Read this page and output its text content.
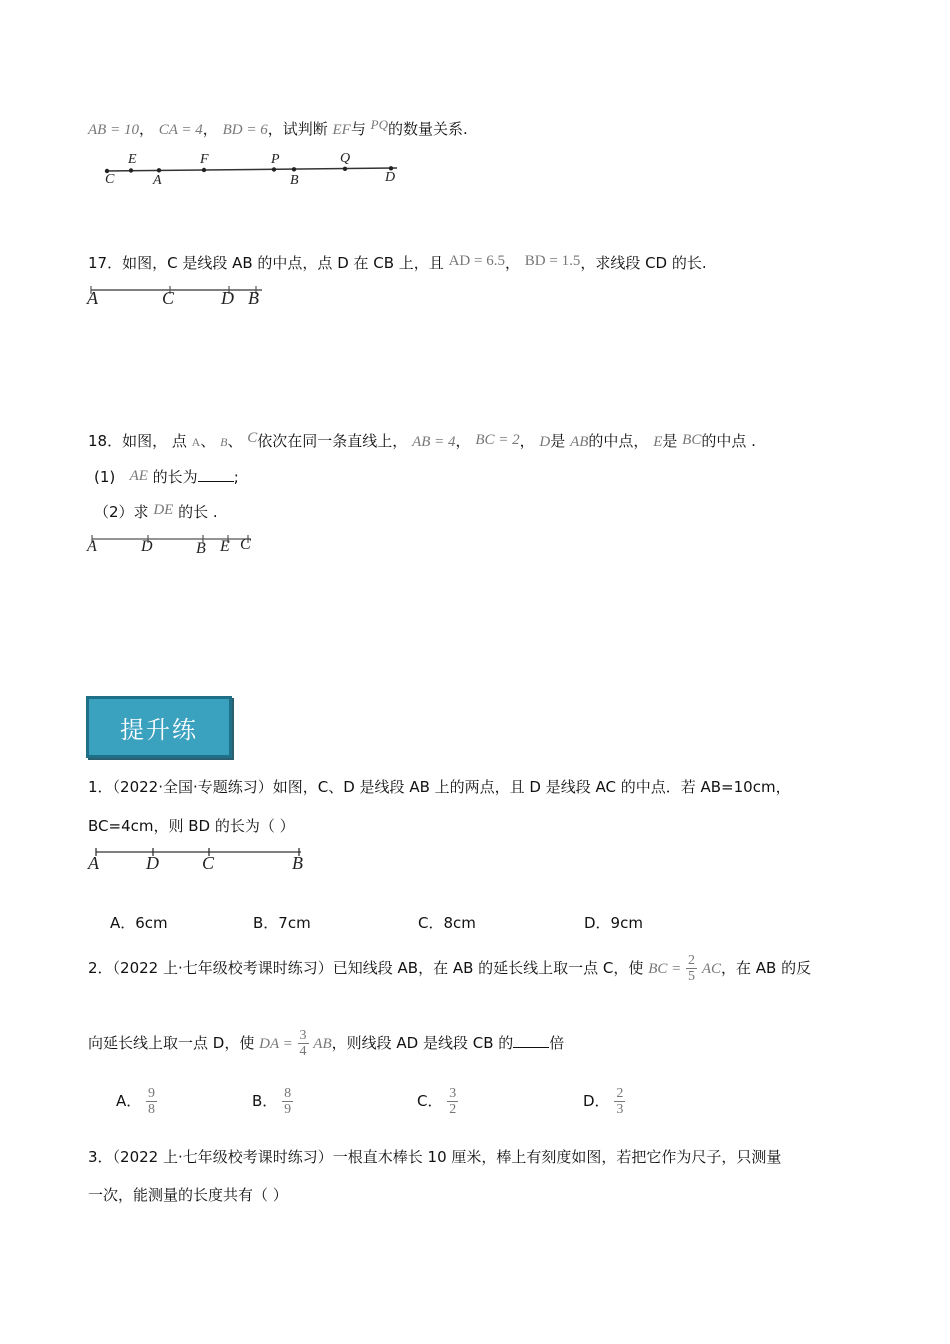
AB = 10， CA = 4， BD = 6，试判断 EF与 PQ的数量关系.
C
E
A
F	P
B
Q
D
17．如图，C 是线段 AB 的中点，点 D 在 CB 上，且 AD = 6.5， BD = 1.5，求线段 CD 的长.
A	C	D B
18．如图， 点 A、 B、 C依次在同一条直线上， AB = 4， BC = 2， D是 AB的中点， E是 BC的中点 .
(1) AE 的长为 ;
（2）求 DE 的长 .
A	D	B E C
提升练
1．（2022·全国·专题练习）如图，C、D 是线段 AB 上的两点，且 D 是线段 AC 的中点．若 AB=10cm，
BC=4cm，则 BD 的长为（ ）
A	D C	B
A．6cm	B．7cm	C．8cm	D．9cm
2．（2022 上·七年级校考课时练习）已知线段 AB，在 AB 的延长线上取一点 C，使 BC = $\frac{2}{5}$ AC，在 AB 的反
向延长线上取一点 D，使 DA = $\frac{3}{4}$ AB，则线段 AD 是线段 CB 的 倍
A． $\frac{9}{8}$	B． $\frac{8}{9}$	C． $\frac{3}{2}$	D． $\frac{2}{3}$
3．（2022 上·七年级校考课时练习）一根直木棒长 10 厘米，棒上有刻度如图，若把它作为尺子，只测量
一次，能测量的长度共有（ ）
